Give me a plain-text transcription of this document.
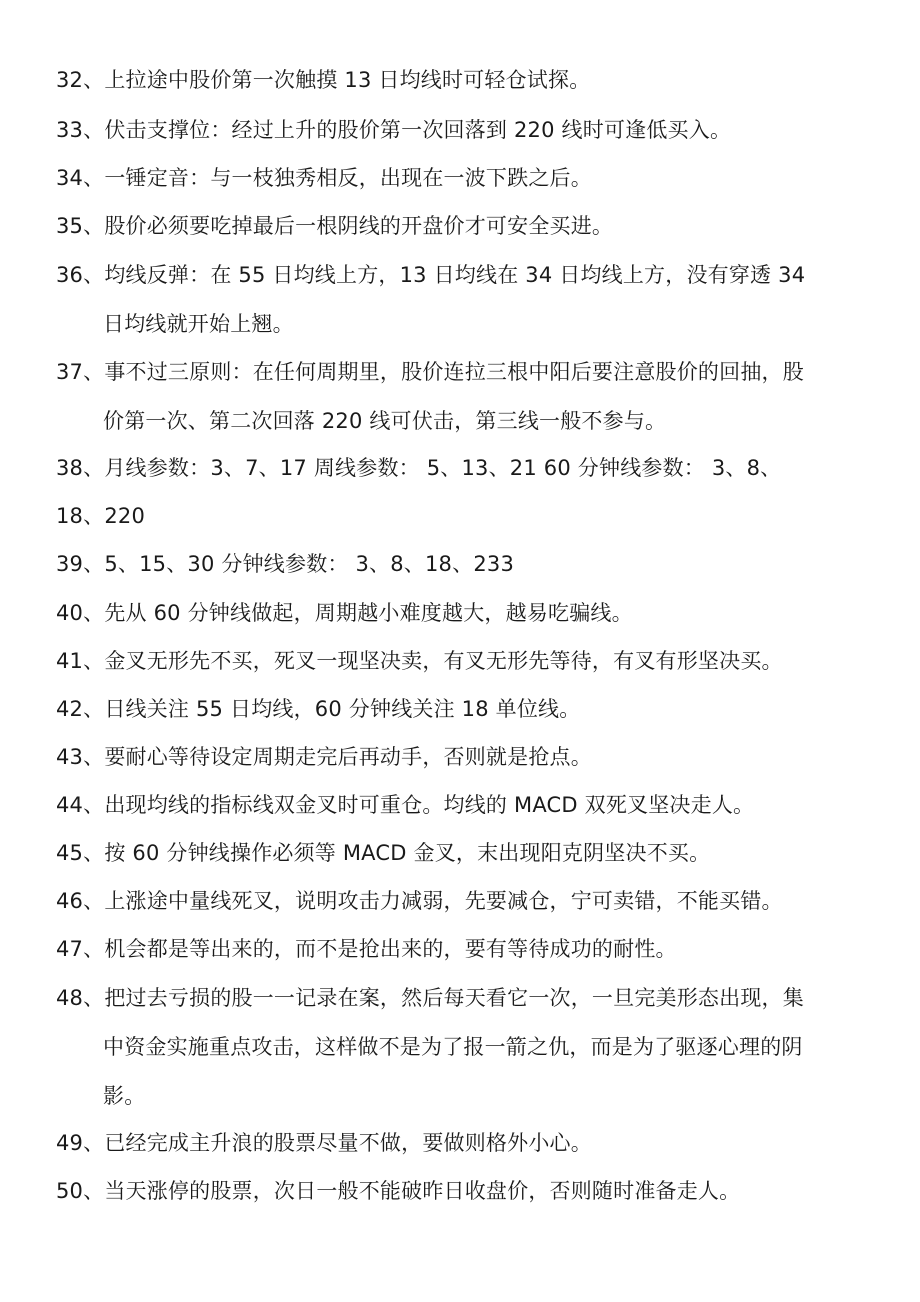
32、上拉途中股价第一次触摸 13 日均线时可轻仓试探。
33、伏击支撑位：经过上升的股价第一次回落到 220 线时可逢低买入。
34、一锤定音：与一枝独秀相反，出现在一波下跌之后。
35、股价必须要吃掉最后一根阴线的开盘价才可安全买进。
36、均线反弹：在 55 日均线上方，13 日均线在 34 日均线上方，没有穿透 34
日均线就开始上翘。
37、事不过三原则：在任何周期里，股价连拉三根中阳后要注意股价的回抽，股
价第一次、第二次回落 220 线可伏击，第三线一般不参与。
38、月线参数：3、7、17 周线参数： 5、13、21 60 分钟线参数： 3、8、
18、220
39、5、15、30 分钟线参数： 3、8、18、233
40、先从 60 分钟线做起，周期越小难度越大，越易吃骗线。
41、金叉无形先不买，死叉一现坚决卖，有叉无形先等待，有叉有形坚决买。
42、日线关注 55 日均线，60 分钟线关注 18 单位线。
43、要耐心等待设定周期走完后再动手，否则就是抢点。
44、出现均线的指标线双金叉时可重仓。均线的 MACD 双死叉坚决走人。
45、按 60 分钟线操作必须等 MACD 金叉，末出现阳克阴坚决不买。
46、上涨途中量线死叉，说明攻击力减弱，先要减仓，宁可卖错，不能买错。
47、机会都是等出来的，而不是抢出来的，要有等待成功的耐性。
48、把过去亏损的股一一记录在案，然后每天看它一次，一旦完美形态出现，集
中资金实施重点攻击，这样做不是为了报一箭之仇，而是为了驱逐心理的阴
影。
49、已经完成主升浪的股票尽量不做，要做则格外小心。
50、当天涨停的股票，次日一般不能破昨日收盘价，否则随时准备走人。
